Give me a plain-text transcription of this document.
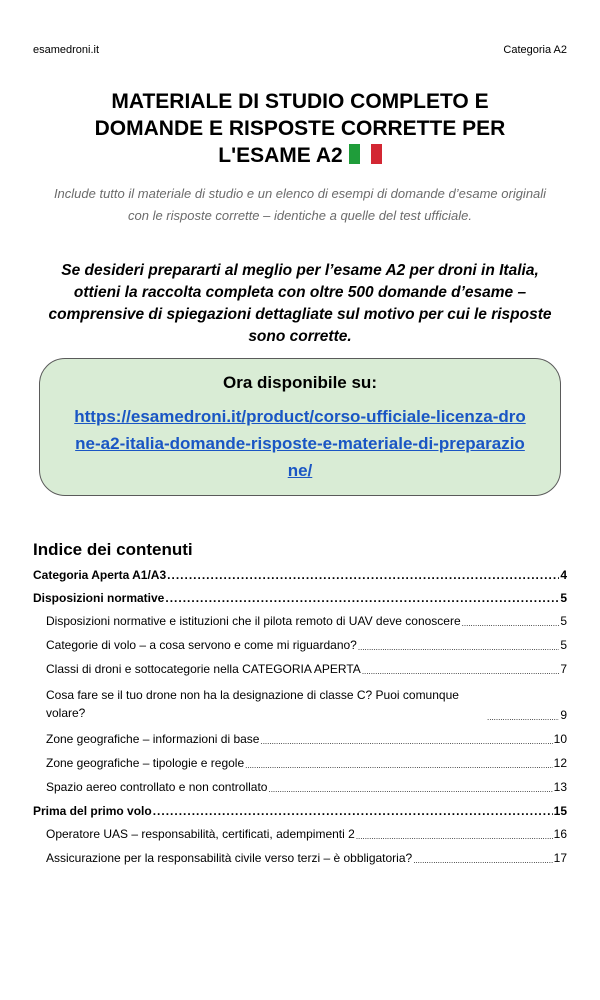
esamedroni.it	Categoria A2
MATERIALE DI STUDIO COMPLETO E
DOMANDE E RISPOSTE CORRETTE PER
L'ESAME A2
Include tutto il materiale di studio e un elenco di esempi di domande d’esame originali con le risposte corrette – identiche a quelle del test ufficiale.
Se desideri prepararti al meglio per l’esame A2 per droni in Italia, ottieni la raccolta completa con oltre 500 domande d’esame – comprensive di spiegazioni dettagliate sul motivo per cui le risposte sono corrette.
Ora disponibile su:
https://esamedroni.it/product/corso-ufficiale-licenza-drone-a2-italia-domande-risposte-e-materiale-di-preparazione/
Indice dei contenuti
Categoria Aperta A1/A3 .....	4
Disposizioni normative .....	5
Disposizioni normative e istituzioni che il pilota remoto di UAV deve conoscere .....	5
Categorie di volo – a cosa servono e come mi riguardano? .....	5
Classi di droni e sottocategorie nella CATEGORIA APERTA .....	7
Cosa fare se il tuo drone non ha la designazione di classe C? Puoi comunque volare? .....	9
Zone geografiche – informazioni di base .....	10
Zone geografiche – tipologie e regole .....	12
Spazio aereo controllato e non controllato .....	13
Prima del primo volo .....	15
Operatore UAS – responsabilità, certificati, adempimenti 2 .....	16
Assicurazione per la responsabilità civile verso terzi – è obbligatoria? .....	17
